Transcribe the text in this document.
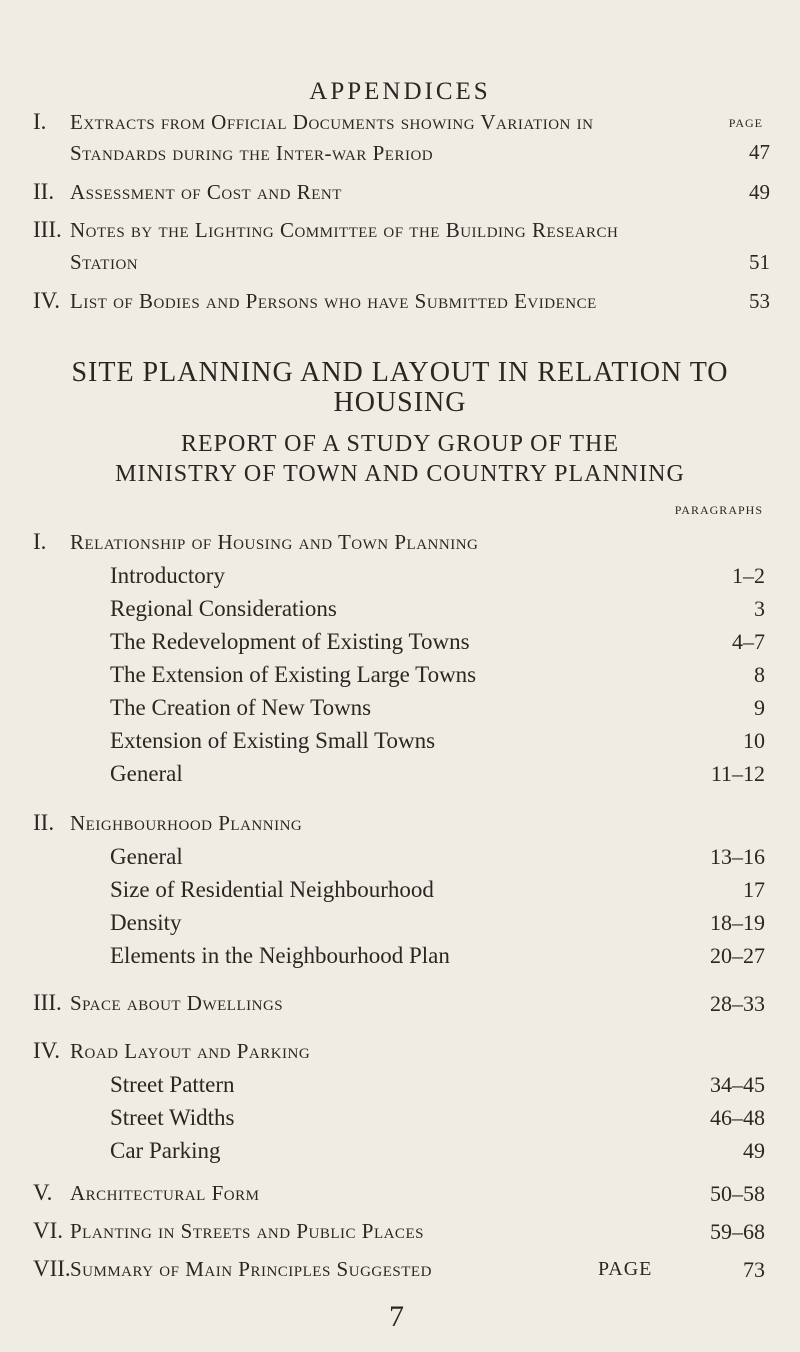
APPENDICES
PAGE
I. Extracts from Official Documents showing Variation in
Standards during the Inter-war Period	47
II. Assessment of Cost and Rent	49
III. Notes by the Lighting Committee of the Building Research
Station	51
IV. List of Bodies and Persons who have Submitted Evidence	53
SITE PLANNING AND LAYOUT IN RELATION TO
HOUSING
REPORT OF A STUDY GROUP OF THE
MINISTRY OF TOWN AND COUNTRY PLANNING
PARAGRAPHS
I. Relationship of Housing and Town Planning
Introductory	1–2
Regional Considerations	3
The Redevelopment of Existing Towns	4–7
The Extension of Existing Large Towns	8
The Creation of New Towns	9
Extension of Existing Small Towns	10
General	11–12
II. Neighbourhood Planning
General	13–16
Size of Residential Neighbourhood	17
Density	18–19
Elements in the Neighbourhood Plan	20–27
III. Space about Dwellings	28–33
IV. Road Layout and Parking
Street Pattern	34–45
Street Widths	46–48
Car Parking	49
V. Architectural Form	50–58
VI. Planting in Streets and Public Places	59–68
VII. Summary of Main Principles Suggested	PAGE	73
7
